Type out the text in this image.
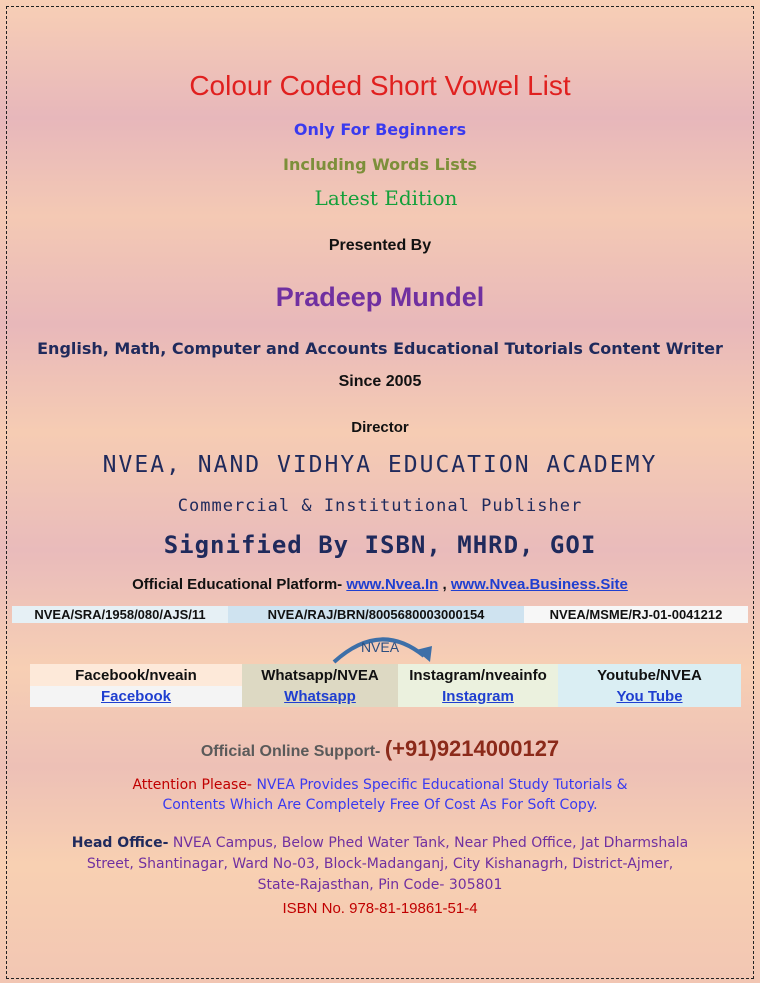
Colour Coded Short Vowel List
Only For Beginners
Including Words Lists
Latest Edition
Presented By
Pradeep Mundel
English, Math, Computer and Accounts Educational Tutorials Content Writer
Since 2005
Director
NVEA, NAND VIDHYA EDUCATION ACADEMY
Commercial & Institutional Publisher
Signified By ISBN, MHRD, GOI
Official Educational Platform- www.Nvea.In , www.Nvea.Business.Site
NVEA/SRA/1958/080/AJS/11	NVEA/RAJ/BRN/8005680003000154	NVEA/MSME/RJ-01-0041212
NVEA
Facebook/nveain
Facebook
Whatsapp/NVEA
Whatsapp
Instagram/nveainfo
Instagram
Youtube/NVEA
You Tube
Official Online Support- (+91)9214000127
Attention Please- NVEA Provides Specific Educational Study Tutorials &
Contents Which Are Completely Free Of Cost As For Soft Copy.
Head Office- NVEA Campus, Below Phed Water Tank, Near Phed Office, Jat Dharmshala
Street, Shantinagar, Ward No-03, Block-Madanganj, City Kishanagrh, District-Ajmer,
State-Rajasthan, Pin Code- 305801
ISBN No. 978-81-19861-51-4
